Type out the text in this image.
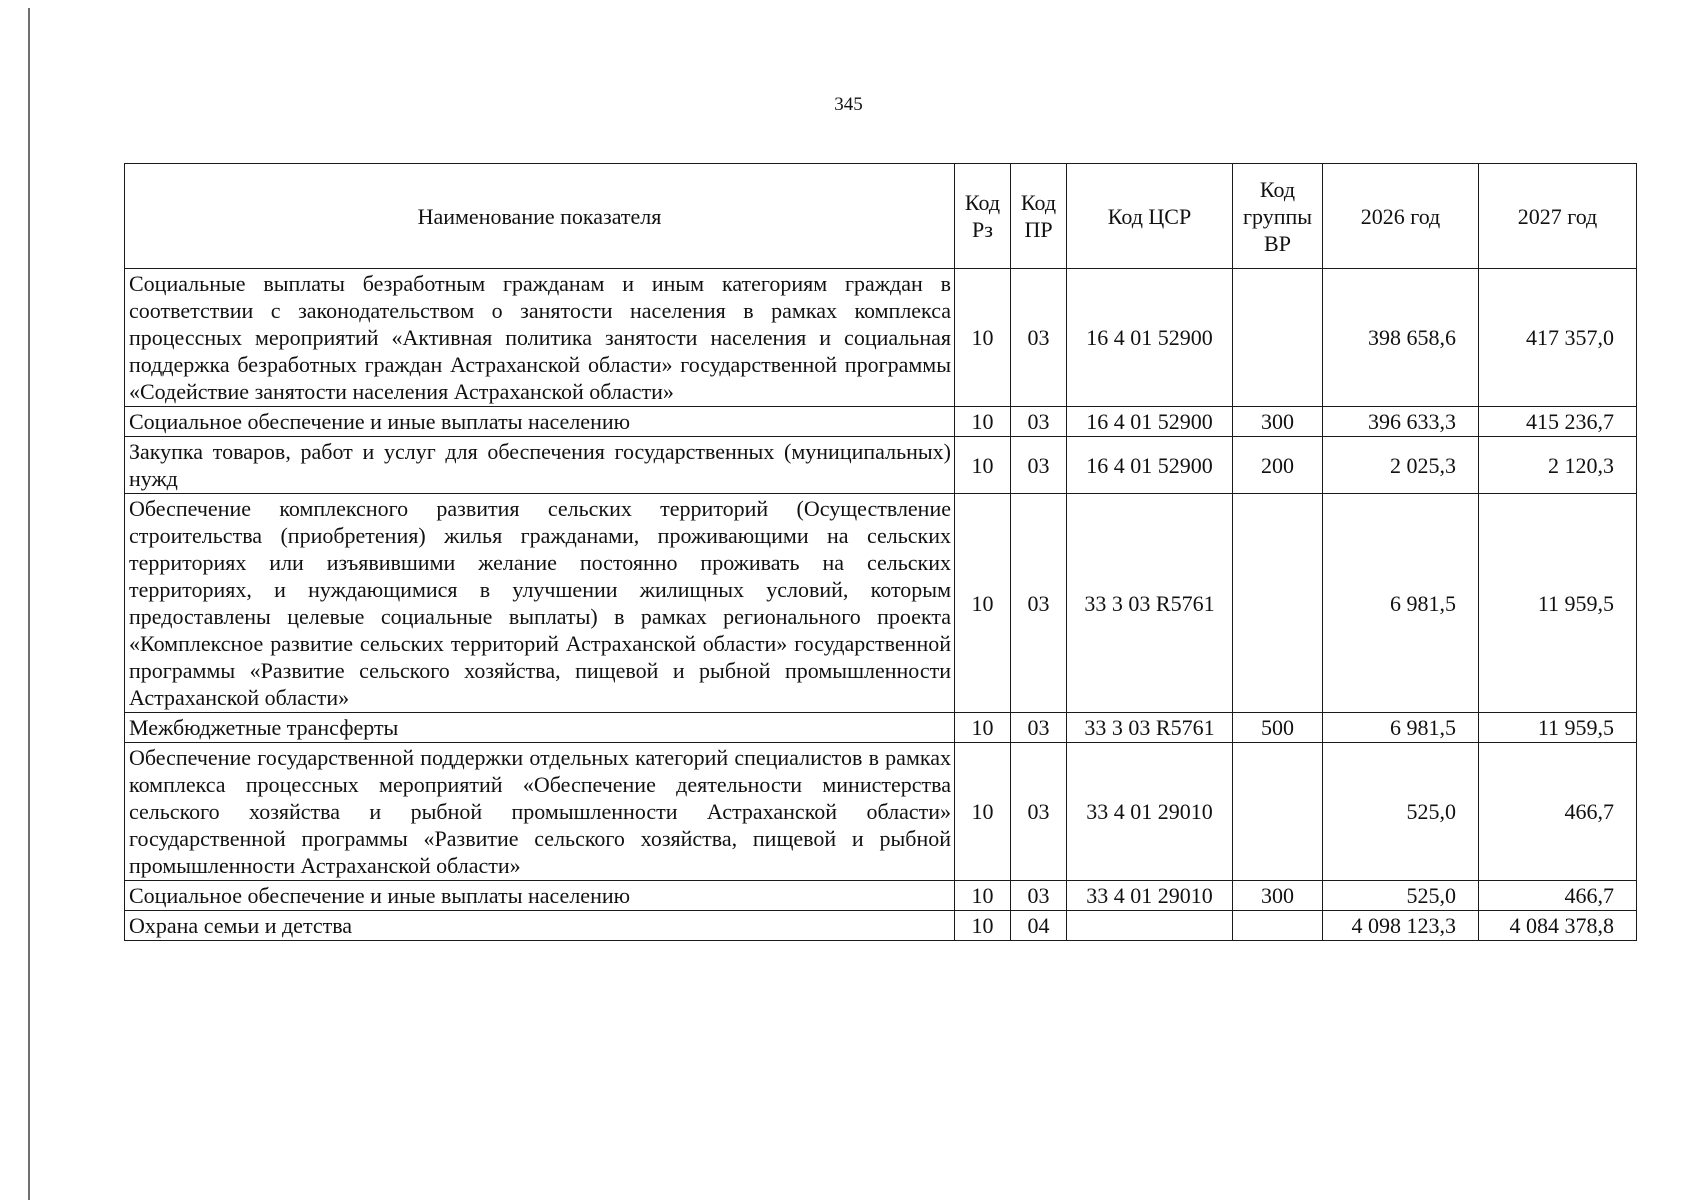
345
Наименование показателя	Код Рз	Код ПР	Код ЦСР	Код группы ВР	2026 год	2027 год
Социальные выплаты безработным гражданам и иным категориям граждан в соответствии с законодательством о занятости населения в рамках комплекса процессных мероприятий «Активная политика занятости населения и социальная поддержка безработных граждан Астраханской области» государственной программы «Содействие занятости населения Астраханской области»	10	03	16 4 01 52900		398 658,6	417 357,0
Социальное обеспечение и иные выплаты населению	10	03	16 4 01 52900	300	396 633,3	415 236,7
Закупка товаров, работ и услуг для обеспечения государственных (муниципальных) нужд	10	03	16 4 01 52900	200	2 025,3	2 120,3
Обеспечение комплексного развития сельских территорий (Осуществление строительства (приобретения) жилья гражданами, проживающими на сельских территориях или изъявившими желание постоянно проживать на сельских территориях, и нуждающимися в улучшении жилищных условий, которым предоставлены целевые социальные выплаты) в рамках регионального проекта «Комплексное развитие сельских территорий Астраханской области» государственной программы «Развитие сельского хозяйства, пищевой и рыбной промышленности Астраханской области»	10	03	33 3 03 R5761		6 981,5	11 959,5
Межбюджетные трансферты	10	03	33 3 03 R5761	500	6 981,5	11 959,5
Обеспечение государственной поддержки отдельных категорий специалистов в рамках комплекса процессных мероприятий «Обеспечение деятельности министерства сельского хозяйства и рыбной промышленности Астраханской области» государственной программы «Развитие сельского хозяйства, пищевой и рыбной промышленности Астраханской области»	10	03	33 4 01 29010		525,0	466,7
Социальное обеспечение и иные выплаты населению	10	03	33 4 01 29010	300	525,0	466,7
Охрана семьи и детства	10	04			4 098 123,3	4 084 378,8
